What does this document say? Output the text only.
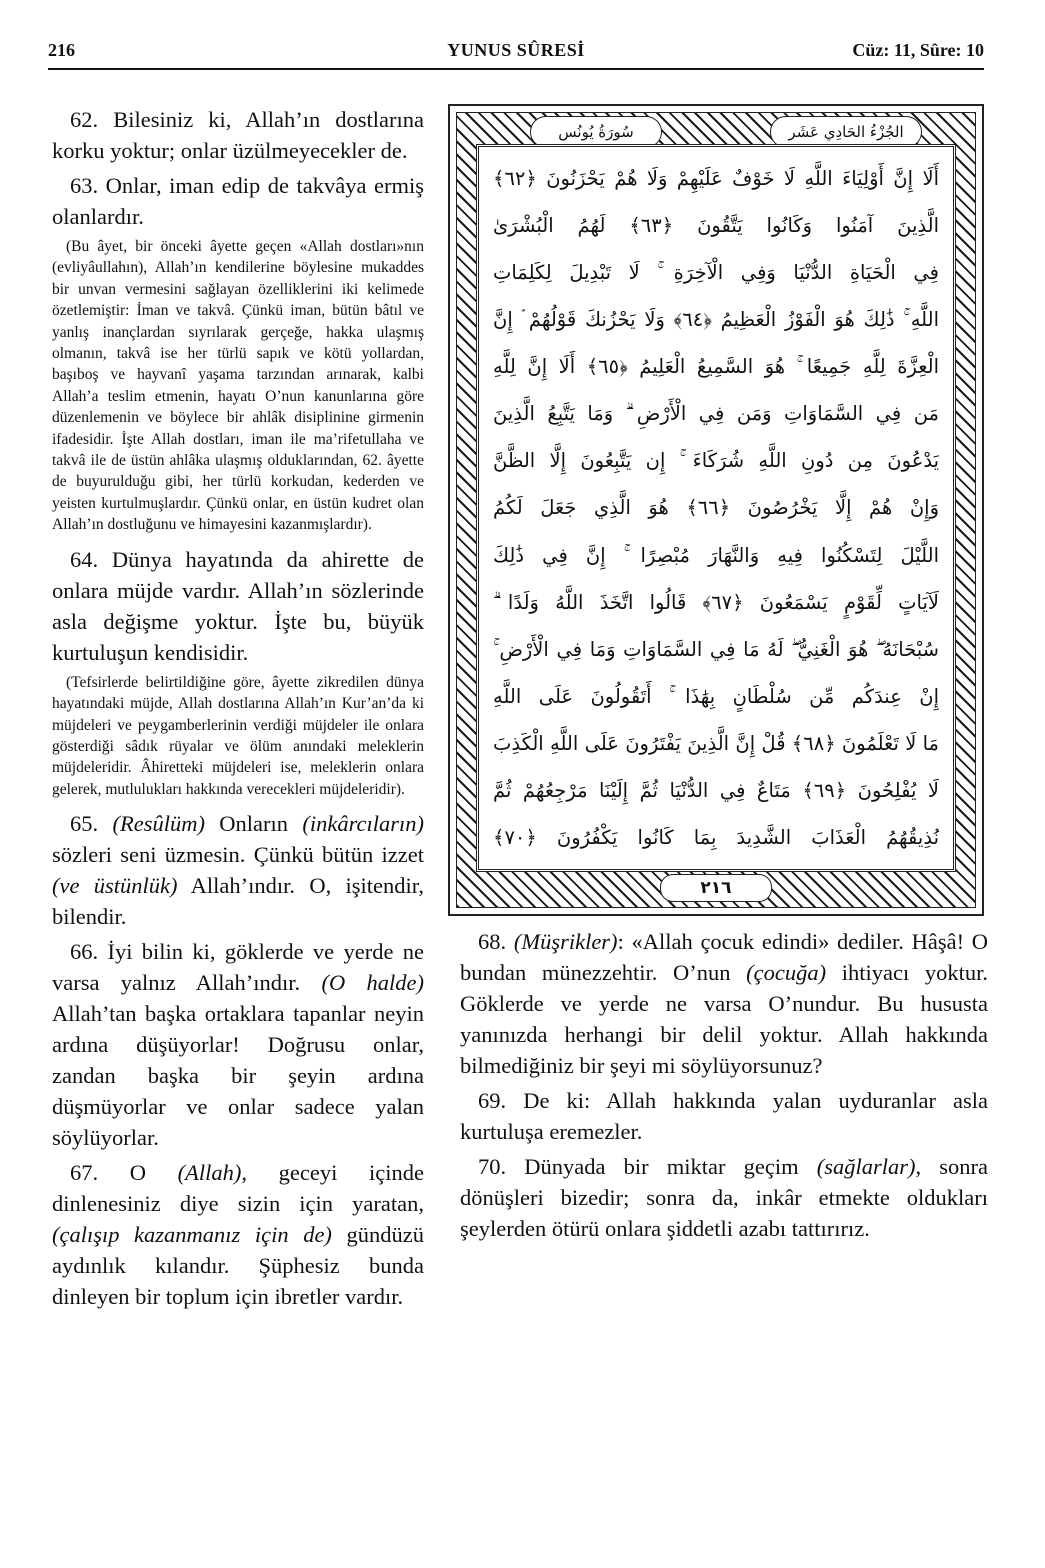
216	YUNUS SÛRESİ	Cüz: 11, Sûre: 10

62. Bilesiniz ki, Allah’ın dostlarına korku yoktur; onlar üzülmeyecekler de.

63. Onlar, iman edip de takvâya ermiş olanlardır.

(Bu âyet, bir önceki âyette geçen «Allah dostları»nın (evliyâullahın), Allah’ın kendilerine böylesine mukaddes bir unvan vermesini sağlayan özelliklerini iki kelimede özetlemiştir: İman ve takvâ. Çünkü iman, bütün bâtıl ve yanlış inançlardan sıyrılarak gerçeğe, hakka ulaşmış olmanın, takvâ ise her türlü sapık ve kötü yollardan, başıboş ve hayvanî yaşama tarzından arınarak, kalbi Allah’a teslim etmenin, hayatı O’nun kanunlarına göre düzenlemenin ve böylece bir ahlâk disiplinine girmenin ifadesidir. İşte Allah dostları, iman ile ma’rifetullaha ve takvâ ile de üstün ahlâka ulaşmış olduklarından, 62. âyette de buyurulduğu gibi, her türlü korkudan, kederden ve yeisten kurtulmuşlardır. Çünkü onlar, en üstün kudret olan Allah’ın dostluğunu ve himayesini kazanmışlardır).

64. Dünya hayatında da ahirette de onlara müjde vardır. Allah’ın sözlerinde asla değişme yoktur. İşte bu, büyük kurtuluşun kendisidir.

(Tefsirlerde belirtildiğine göre, âyette zikredilen dünya hayatındaki müjde, Allah dostlarına Allah’ın Kur’an’da ki müjdeleri ve peygamberlerinin verdiği müjdeler ile onlara gösterdiği sâdık rüyalar ve ölüm anındaki meleklerin müjdeleridir. Âhiretteki müjdeleri ise, meleklerin onlara gelerek, mutlulukları hakkında verecekleri müjdeleridir).

65. (Resûlüm) Onların (inkârcıların) sözleri seni üzmesin. Çünkü bütün izzet (ve üstünlük) Allah’ındır. O, işitendir, bilendir.

66. İyi bilin ki, göklerde ve yerde ne varsa yalnız Allah’ındır. (O halde) Allah’tan başka ortaklara tapanlar neyin ardına düşüyorlar! Doğrusu onlar, zandan başka bir şeyin ardına düşmüyorlar ve onlar sadece yalan söylüyorlar.

67. O (Allah), geceyi içinde dinlenesiniz diye sizin için yaratan, (çalışıp kazanmanız için de) gündüzü aydınlık kılandır. Şüphesiz bunda dinleyen bir toplum için ibretler vardır.

سُورَةُ يُونُس	الجُزْءُ الحَادِي عَشَر
أَلَا إِنَّ أَوْلِيَاءَ اللَّهِ لَا خَوْفٌ عَلَيْهِمْ وَلَا هُمْ يَحْزَنُونَ ﴿٦٢﴾
الَّذِينَ آمَنُوا وَكَانُوا يَتَّقُونَ ﴿٦٣﴾ لَهُمُ الْبُشْرَىٰ
فِي الْحَيَاةِ الدُّنْيَا وَفِي الْآخِرَةِ ۚ لَا تَبْدِيلَ لِكَلِمَاتِ
اللَّهِ ۚ ذَٰلِكَ هُوَ الْفَوْزُ الْعَظِيمُ ﴿٦٤﴾ وَلَا يَحْزُنكَ قَوْلُهُمْ ۘ إِنَّ
الْعِزَّةَ لِلَّهِ جَمِيعًا ۚ هُوَ السَّمِيعُ الْعَلِيمُ ﴿٦٥﴾ أَلَا إِنَّ لِلَّهِ
مَن فِي السَّمَاوَاتِ وَمَن فِي الْأَرْضِ ۗ وَمَا يَتَّبِعُ الَّذِينَ
يَدْعُونَ مِن دُونِ اللَّهِ شُرَكَاءَ ۚ إِن يَتَّبِعُونَ إِلَّا الظَّنَّ
وَإِنْ هُمْ إِلَّا يَخْرُصُونَ ﴿٦٦﴾ هُوَ الَّذِي جَعَلَ لَكُمُ
اللَّيْلَ لِتَسْكُنُوا فِيهِ وَالنَّهَارَ مُبْصِرًا ۚ إِنَّ فِي ذَٰلِكَ
لَآيَاتٍ لِّقَوْمٍ يَسْمَعُونَ ﴿٦٧﴾ قَالُوا اتَّخَذَ اللَّهُ وَلَدًا ۗ
سُبْحَانَهُ ۖ هُوَ الْغَنِيُّ ۖ لَهُ مَا فِي السَّمَاوَاتِ وَمَا فِي الْأَرْضِ ۚ
إِنْ عِندَكُم مِّن سُلْطَانٍ بِهَٰذَا ۚ أَتَقُولُونَ عَلَى اللَّهِ
مَا لَا تَعْلَمُونَ ﴿٦٨﴾ قُلْ إِنَّ الَّذِينَ يَفْتَرُونَ عَلَى اللَّهِ الْكَذِبَ
لَا يُفْلِحُونَ ﴿٦٩﴾ مَتَاعٌ فِي الدُّنْيَا ثُمَّ إِلَيْنَا مَرْجِعُهُمْ ثُمَّ
نُذِيقُهُمُ الْعَذَابَ الشَّدِيدَ بِمَا كَانُوا يَكْفُرُونَ ﴿٧٠﴾
٢١٦

68. (Müşrikler): «Allah çocuk edindi» dediler. Hâşâ! O bundan münezzehtir. O’nun (çocuğa) ihtiyacı yoktur. Göklerde ve yerde ne varsa O’nundur. Bu hususta yanınızda herhangi bir delil yoktur. Allah hakkında bilmediğiniz bir şeyi mi söylüyorsunuz?

69. De ki: Allah hakkında yalan uyduranlar asla kurtuluşa eremezler.

70. Dünyada bir miktar geçim (sağlarlar), sonra dönüşleri bizedir; sonra da, inkâr etmekte oldukları şeylerden ötürü onlara şiddetli azabı tattırırız.
